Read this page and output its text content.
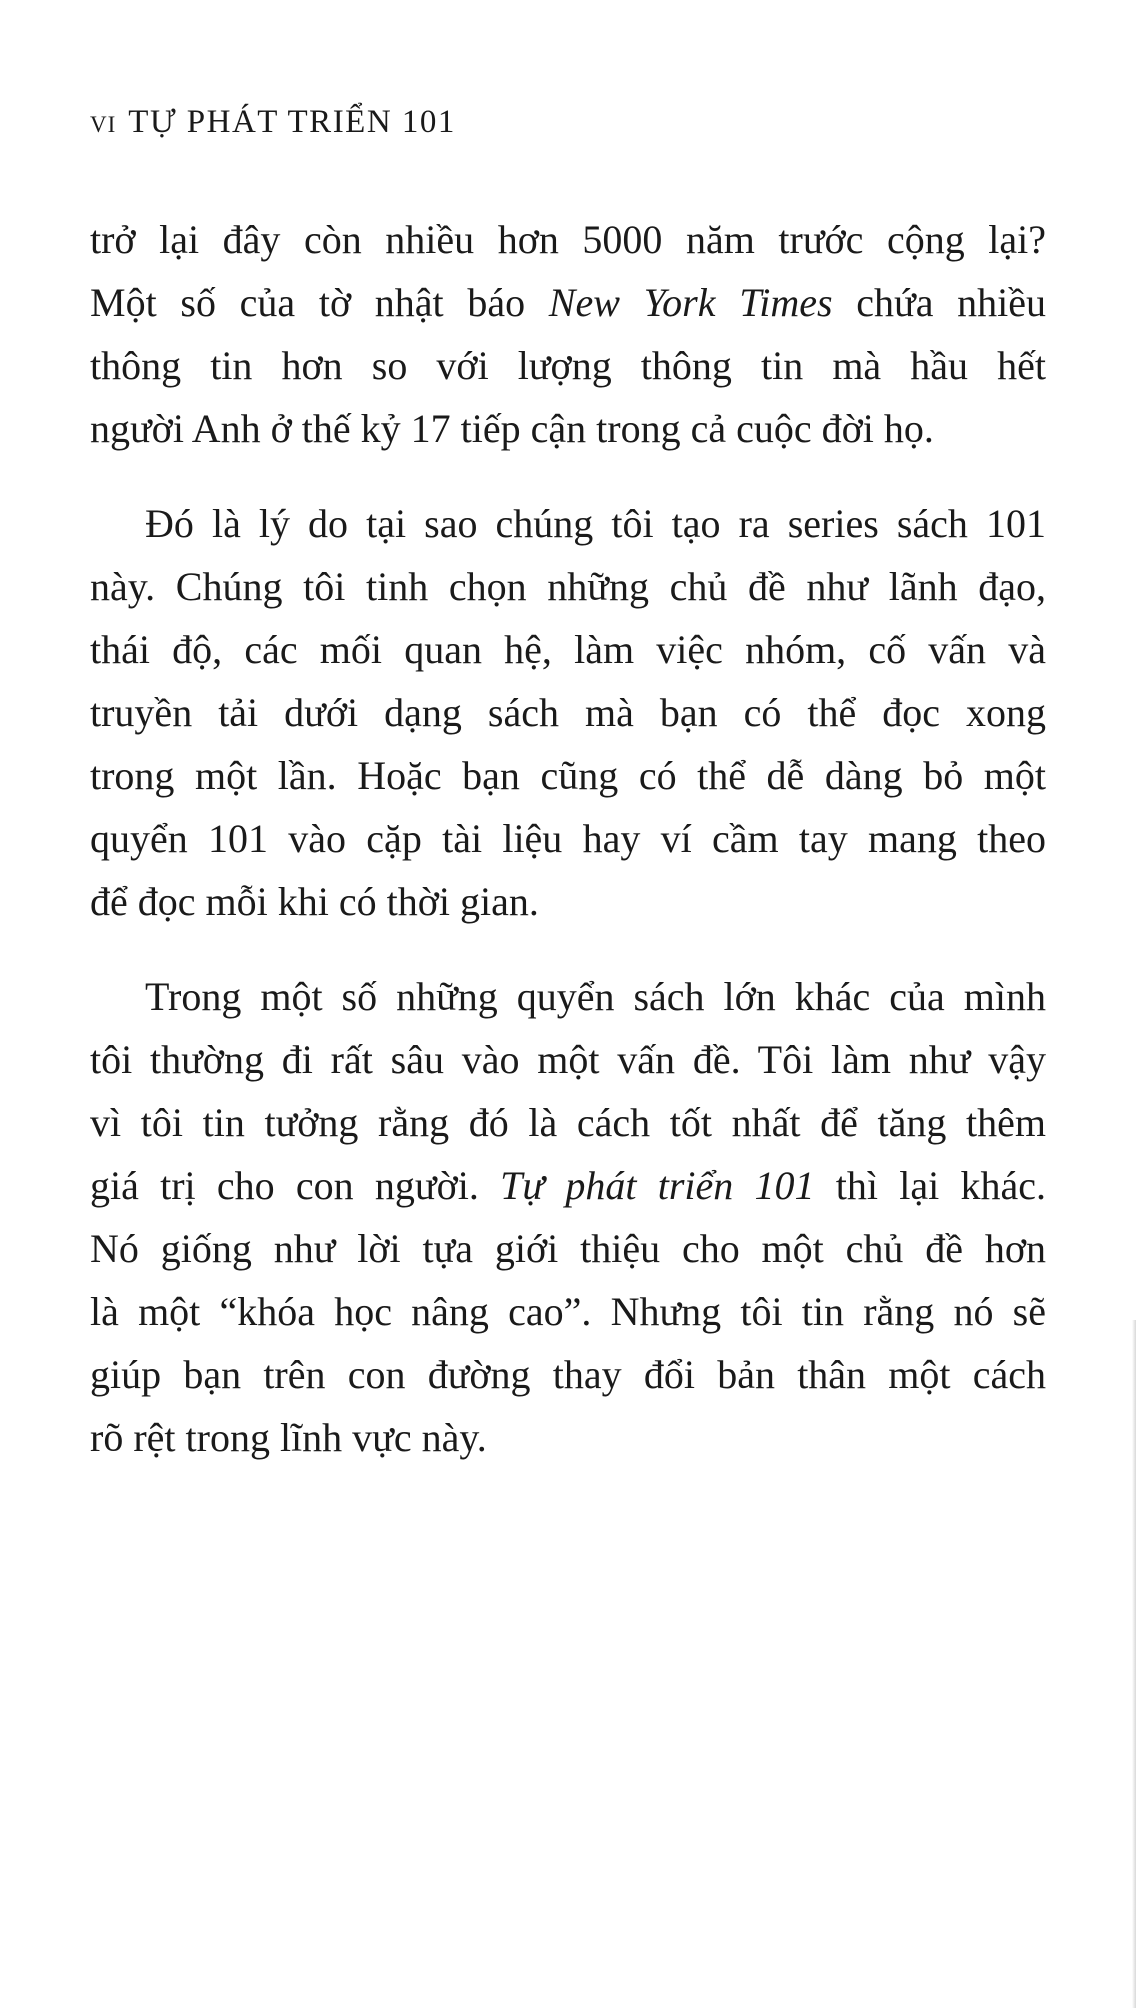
vi TỰ PHÁT TRIỂN 101
trở lại đây còn nhiều hơn 5000 năm trước cộng lại?
Một số của tờ nhật báo New York Times chứa nhiều
thông tin hơn so với lượng thông tin mà hầu hết
người Anh ở thế kỷ 17 tiếp cận trong cả cuộc đời họ.
Đó là lý do tại sao chúng tôi tạo ra series sách 101
này. Chúng tôi tinh chọn những chủ đề như lãnh đạo,
thái độ, các mối quan hệ, làm việc nhóm, cố vấn và
truyền tải dưới dạng sách mà bạn có thể đọc xong
trong một lần. Hoặc bạn cũng có thể dễ dàng bỏ một
quyển 101 vào cặp tài liệu hay ví cầm tay mang theo
để đọc mỗi khi có thời gian.
Trong một số những quyển sách lớn khác của mình
tôi thường đi rất sâu vào một vấn đề. Tôi làm như vậy
vì tôi tin tưởng rằng đó là cách tốt nhất để tăng thêm
giá trị cho con người. Tự phát triển 101 thì lại khác.
Nó giống như lời tựa giới thiệu cho một chủ đề hơn
là một “khóa học nâng cao”. Nhưng tôi tin rằng nó sẽ
giúp bạn trên con đường thay đổi bản thân một cách
rõ rệt trong lĩnh vực này.
